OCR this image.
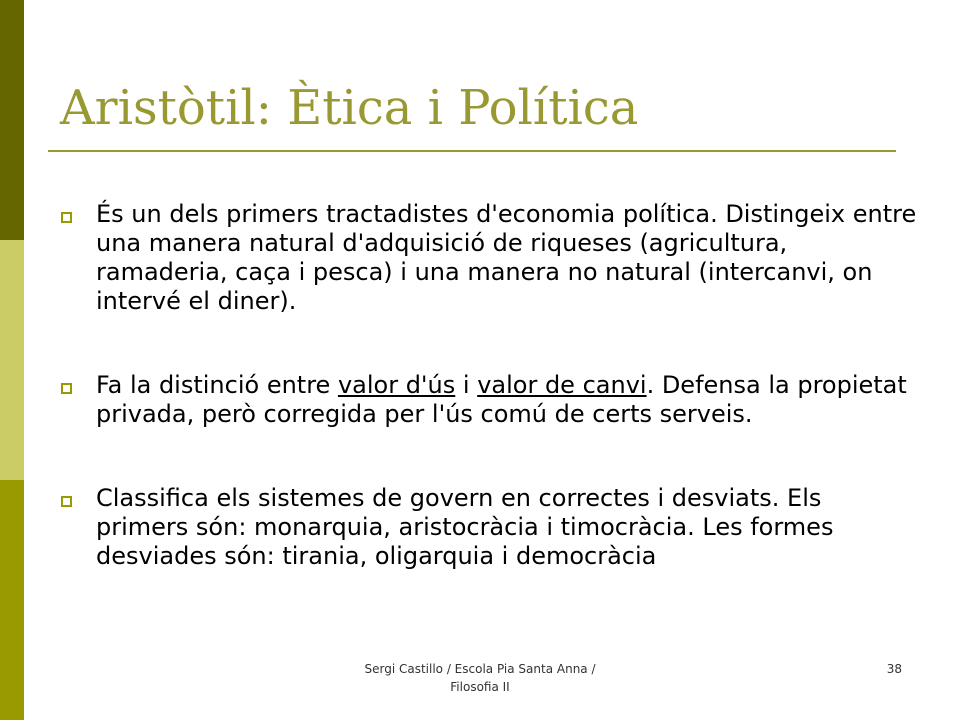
Aristòtil: Ètica i Política
És un dels primers tractadistes d'economia política. Distingeix entre una manera natural d'adquisició de riqueses (agricultura, ramaderia, caça i pesca) i una manera no natural (intercanvi, on intervé el diner).
Fa la distinció entre valor d'ús i valor de canvi. Defensa la propietat privada, però corregida per l'ús comú de certs serveis.
Classifica els sistemes de govern en correctes i desviats. Els primers són: monarquia, aristocràcia i timocràcia. Les formes desviades són: tirania, oligarquia i democràcia
Sergi Castillo / Escola Pia Santa Anna /
Filosofia II
38
